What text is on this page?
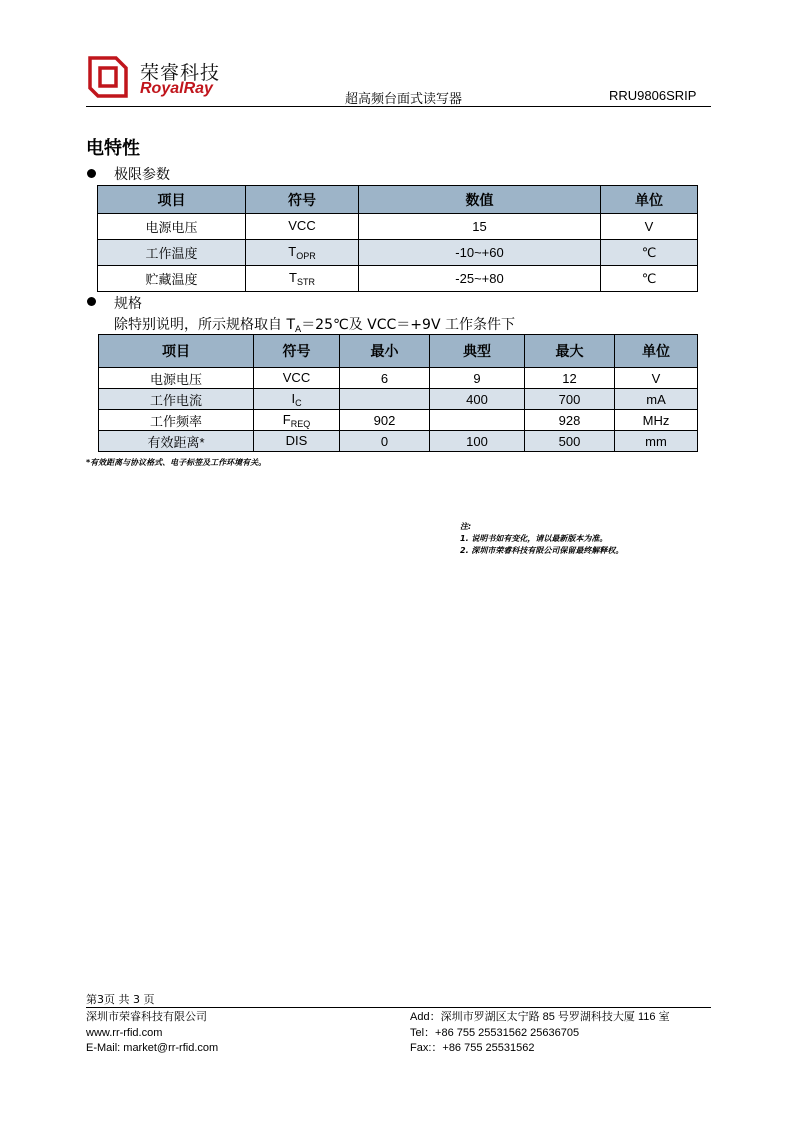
荣睿科技
RoyalRay
超高频台面式读写器	RRU9806SRIP
电特性
极限参数
项目	符号	数值	单位
电源电压	VCC	15	V
工作温度	$T_{OPR}$	-10~+60	℃
贮藏温度	$T_{STR}$	-25~+80	℃
规格
除特别说明，所示规格取自 $T_A=25℃$及 VCC＝+9V 工作条件下
项目	符号	最小	典型	最大	单位
电源电压	VCC	6	9	12	V
工作电流	$I_C$		400	700	mA
工作频率	$F_{REQ}$	902		928	MHz
有效距离*	DIS	0	100	500	mm
*有效距离与协议格式、电子标签及工作环境有关。
注:
1. 说明书如有变化，请以最新版本为准。
2. 深圳市荣睿科技有限公司保留最终解释权。
第3页 共 3 页
深圳市荣睿科技有限公司
www.rr-rfid.com
E-Mail: market@rr-rfid.com
Add：深圳市罗湖区太宁路 85 号罗湖科技大厦 116 室
Tel：+86 755 25531562 25636705
Fax:：+86 755 25531562
